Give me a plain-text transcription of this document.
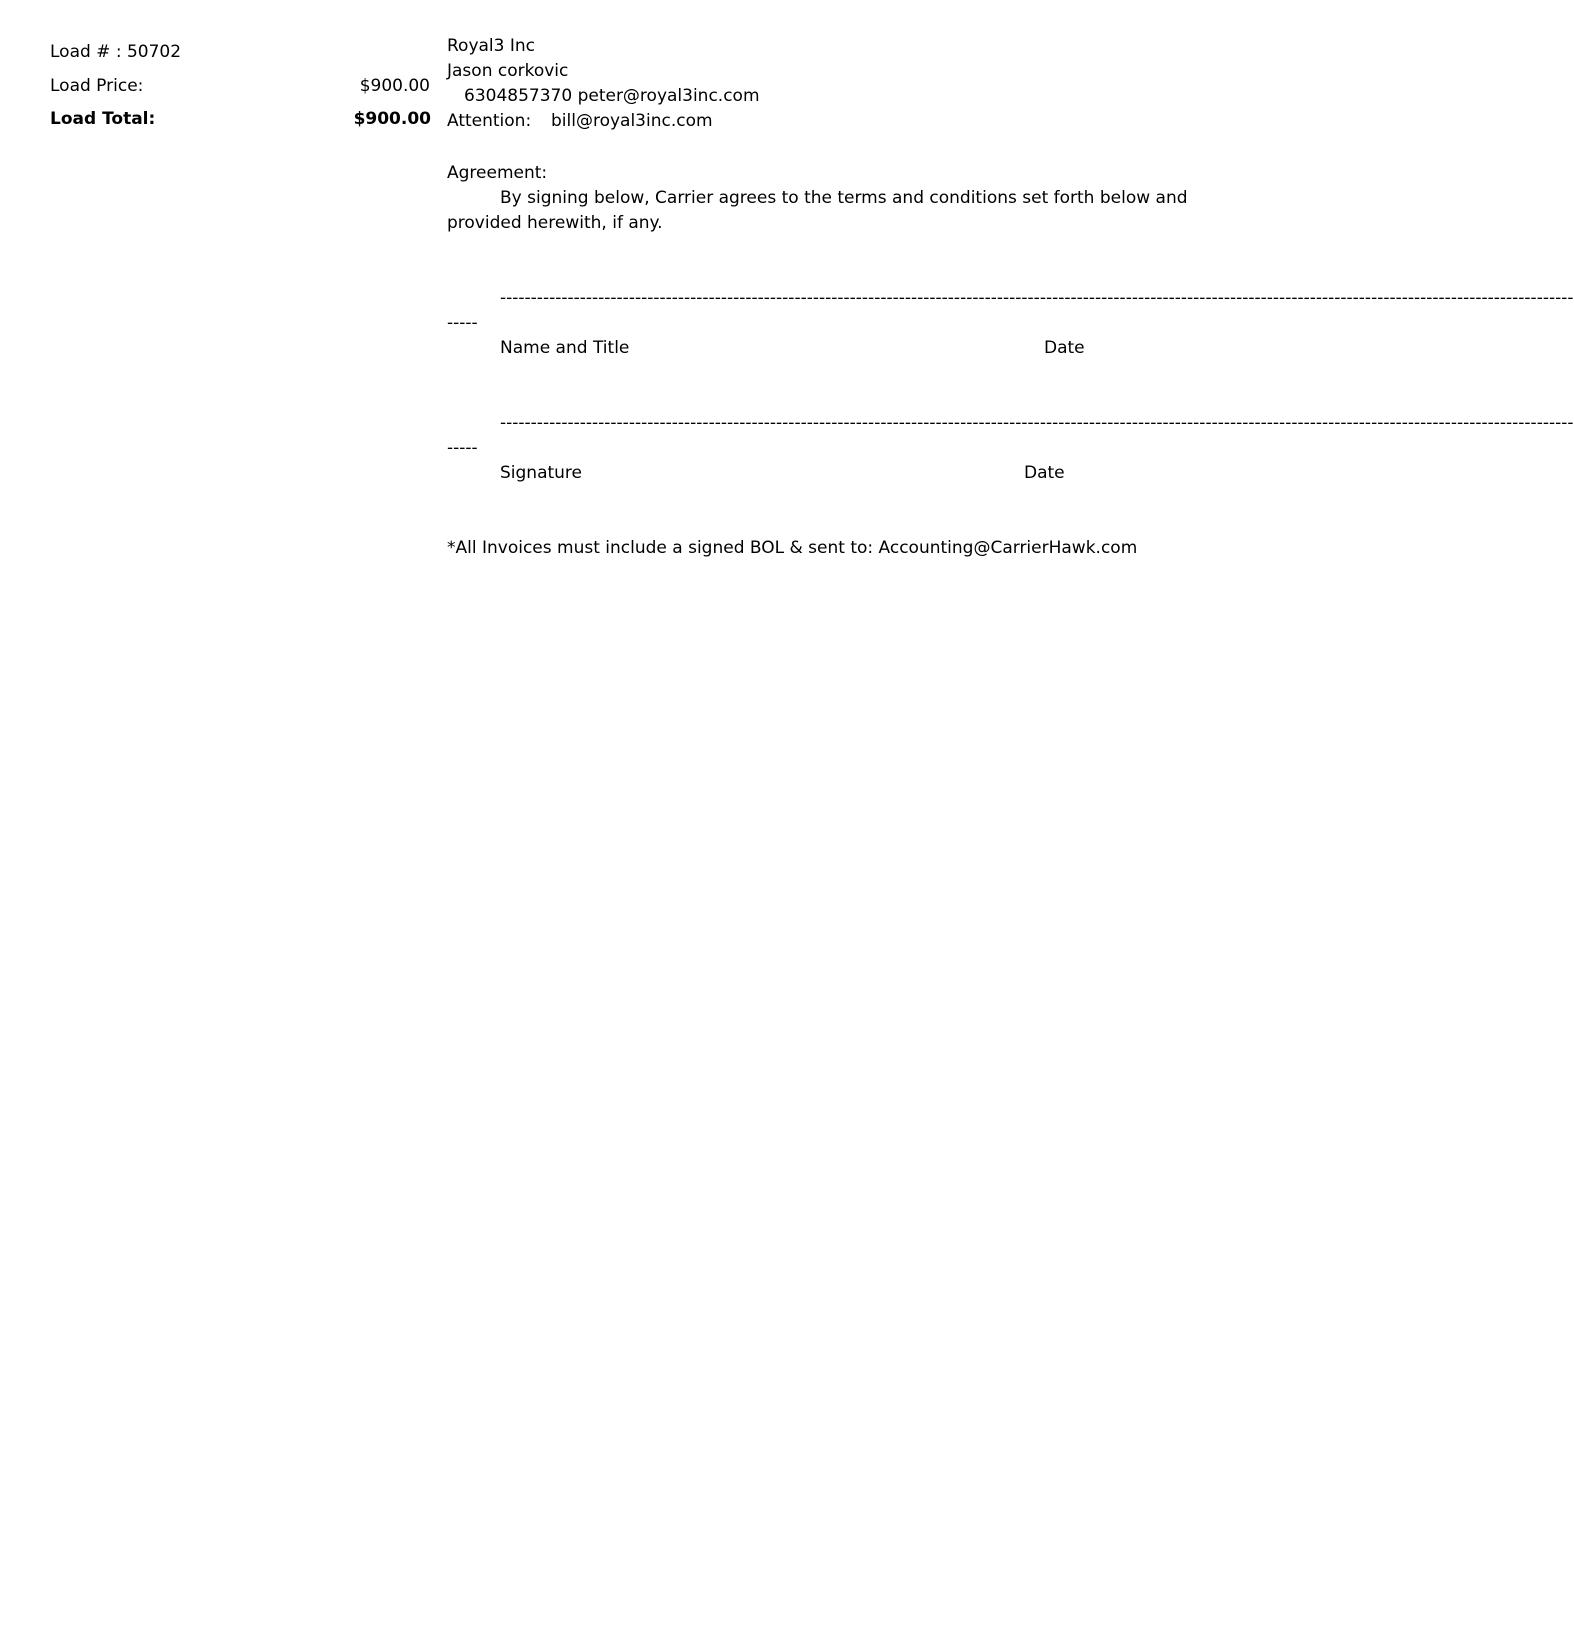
Load # : 50702
Load Price:	$900.00
Load Total:	$900.00
Royal3 Inc
Jason corkovic
6304857370 peter@royal3inc.com
Attention: bill@royal3inc.com
Agreement:
By signing below, Carrier agrees to the terms and conditions set forth below and
provided herewith, if any.
-------------------------------------------------------------------------------------------------------------------------------------------------------------------------------
-----
Name and Title	Date
-------------------------------------------------------------------------------------------------------------------------------------------------------------------------------
-----
Signature	Date
*All Invoices must include a signed BOL & sent to: Accounting@CarrierHawk.com
